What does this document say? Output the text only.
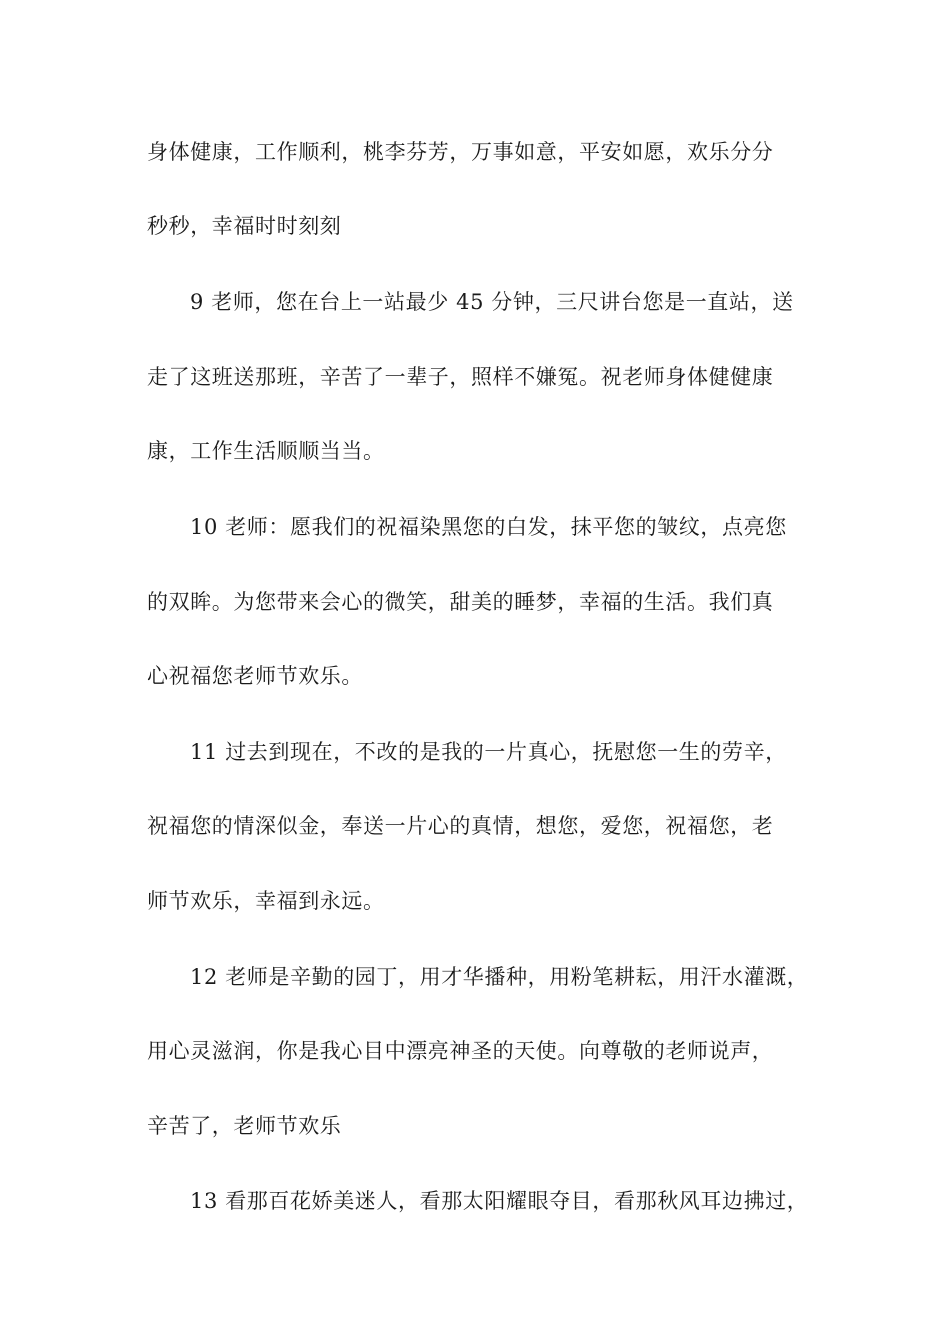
身体健康，工作顺利，桃李芬芳，万事如意，平安如愿，欢乐分分
秒秒，幸福时时刻刻
9 老师，您在台上一站最少 45 分钟，三尺讲台您是一直站，送
走了这班送那班，辛苦了一辈子，照样不嫌冤。祝老师身体健健康
康，工作生活顺顺当当。
10 老师：愿我们的祝福染黑您的白发，抹平您的皱纹，点亮您
的双眸。为您带来会心的微笑，甜美的睡梦，幸福的生活。我们真
心祝福您老师节欢乐。
11 过去到现在，不改的是我的一片真心，抚慰您一生的劳辛，
祝福您的情深似金，奉送一片心的真情，想您，爱您，祝福您，老
师节欢乐，幸福到永远。
12 老师是辛勤的园丁，用才华播种，用粉笔耕耘，用汗水灌溉，
用心灵滋润，你是我心目中漂亮神圣的天使。向尊敬的老师说声，
辛苦了，老师节欢乐
13 看那百花娇美迷人，看那太阳耀眼夺目，看那秋风耳边拂过，
